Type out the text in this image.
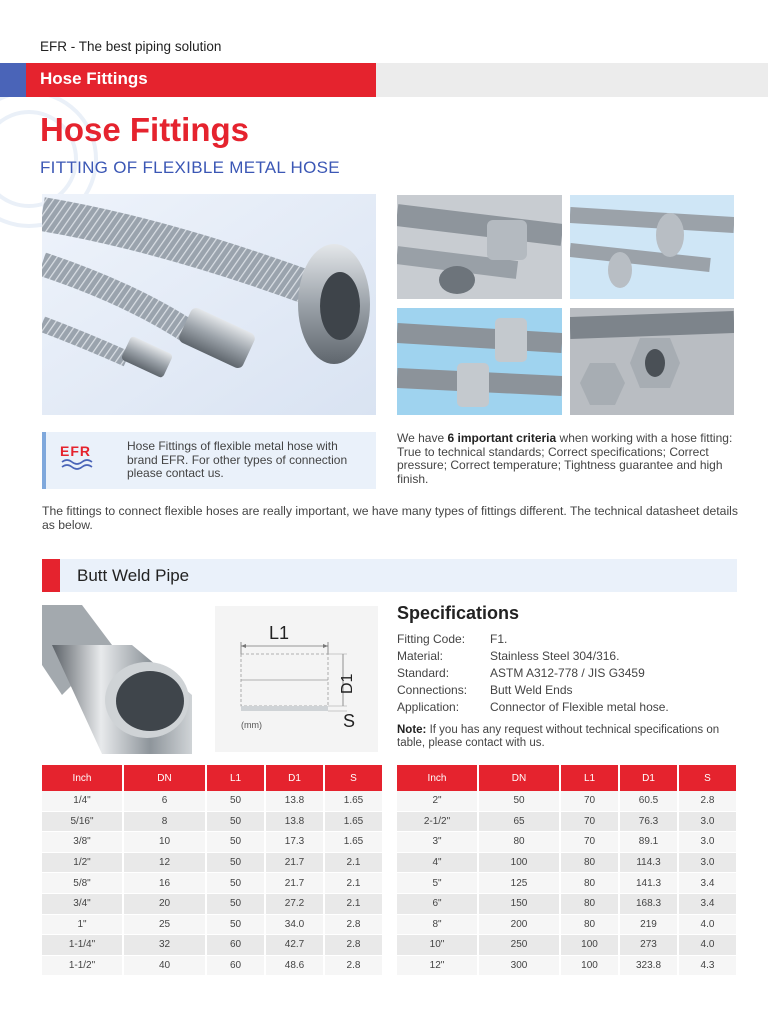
EFR - The best piping solution
Hose Fittings
Hose Fittings
FITTING OF FLEXIBLE METAL HOSE
EFR	Hose Fittings of flexible metal hose with brand EFR. For other types of connection please contact us.
We have 6 important criteria when working with a hose fitting: True to technical standards; Correct specifications; Correct pressure; Correct temperature; Tightness guarantee and high finish.
The fittings to connect flexible hoses are really important, we have many types of fittings different. The technical datasheet details as below.
Butt Weld Pipe
L1
D1
S
(mm)
Specifications
Fitting Code: F1.
Material:	Stainless Steel 304/316.
Standard:	ASTM A312-778 / JIS G3459
Connections: Butt Weld Ends
Application:	Connector of Flexible metal hose.
Note: If you has any request without technical specifications on table, please contact with us.
Inch	DN	L1	D1	S
1/4"	6	50	13.8	1.65
5/16"	8	50	13.8	1.65
3/8"	10	50	17.3	1.65
1/2"	12	50	21.7	2.1
5/8"	16	50	21.7	2.1
3/4"	20	50	27.2	2.1
1"	25	50	34.0	2.8
1-1/4"	32	60	42.7	2.8
1-1/2"	40	60	48.6	2.8
Inch	DN	L1	D1	S
2"	50	70	60.5	2.8
2-1/2"	65	70	76.3	3.0
3"	80	70	89.1	3.0
4"	100	80	114.3	3.0
5"	125	80	141.3	3.4
6"	150	80	168.3	3.4
8"	200	80	219	4.0
10"	250	100	273	4.0
12"	300	100	323.8	4.3
